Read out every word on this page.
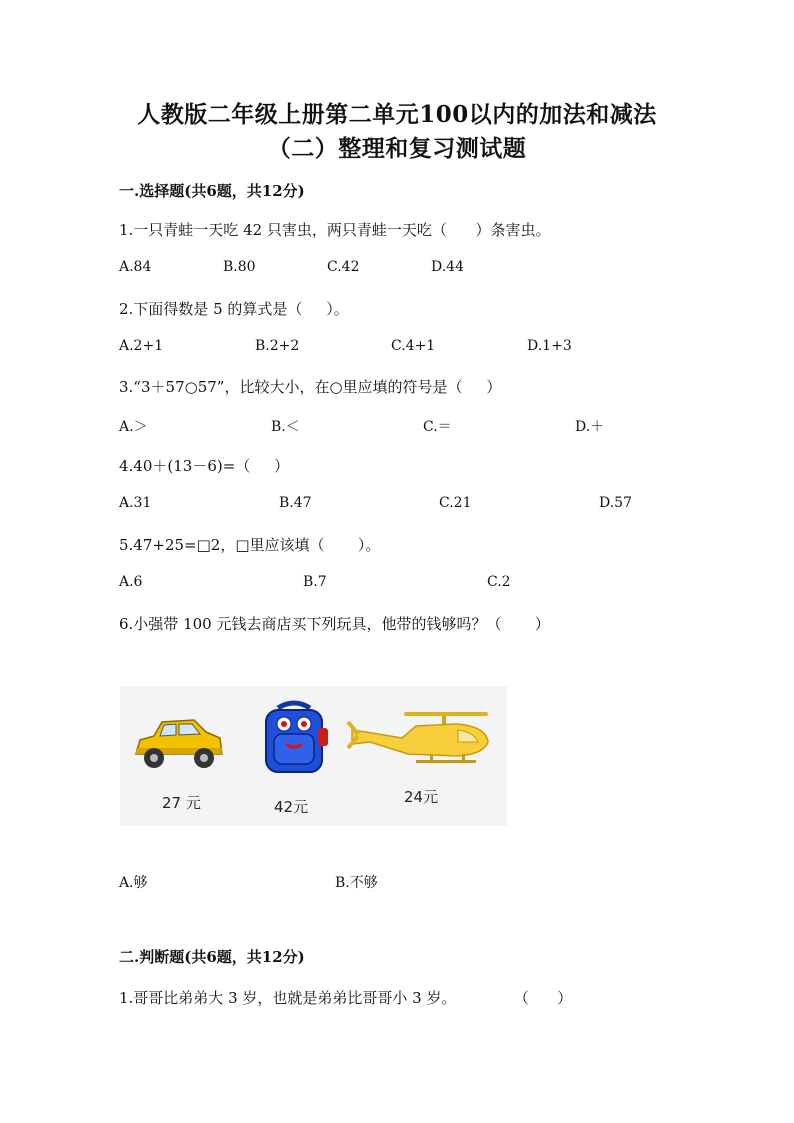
人教版二年级上册第二单元100以内的加法和减法
（二）整理和复习测试题
一.选择题(共6题，共12分)
1.一只青蛙一天吃 42 只害虫，两只青蛙一天吃（      ）条害虫。
A.84	B.80	C.42	D.44
2.下面得数是 5 的算式是（     ）。
A.2+1	B.2+2	C.4+1	D.1+3
3.“3＋57○57”，比较大小，在○里应填的符号是（     ）
A.＞	B.＜	C.＝	D.＋
4.40＋(13－6)=（     ）
A.31	B.47	C.21	D.57
5.47+25=□2，□里应该填（       ）。
A.6	B.7	C.2
6.小强带 100 元钱去商店买下列玩具，他带的钱够吗？（       ）
27 元	42元
24元
A.够	B.不够
二.判断题(共6题，共12分)
1.哥哥比弟弟大 3 岁，也就是弟弟比哥哥小 3 岁。            （      ）
